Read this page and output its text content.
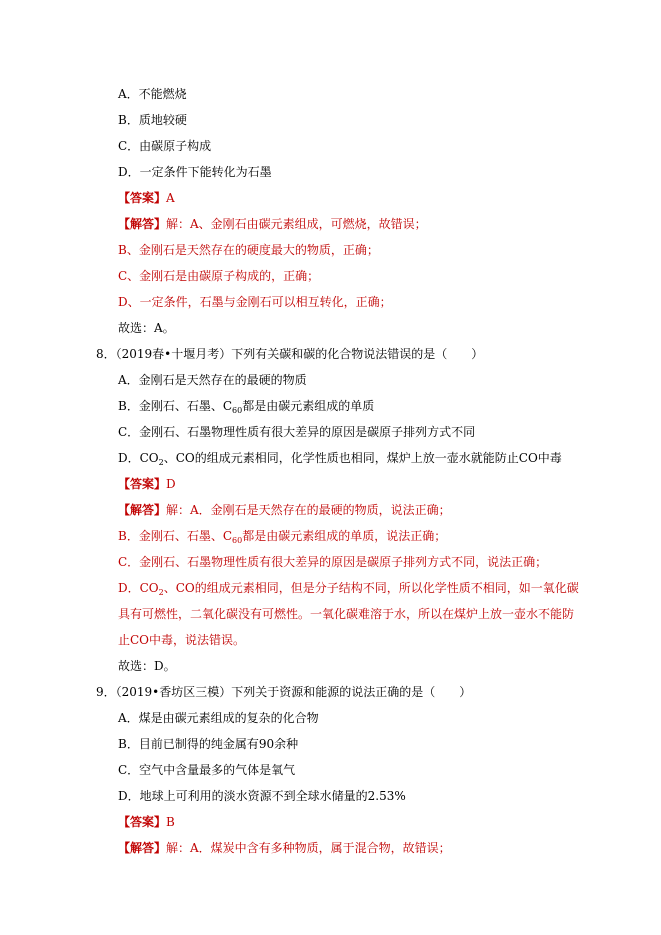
A．不能燃烧
B．质地较硬
C．由碳原子构成
D．一定条件下能转化为石墨
【答案】A
【解答】解：A、金刚石由碳元素组成，可燃烧，故错误；
B、金刚石是天然存在的硬度最大的物质，正确；
C、金刚石是由碳原子构成的，正确；
D、一定条件，石墨与金刚石可以相互转化，正确；
故选：A。
8．（2019春•十堰月考）下列有关碳和碳的化合物说法错误的是（　　）
A．金刚石是天然存在的最硬的物质
B．金刚石、石墨、$C_{60}$都是由碳元素组成的单质
C．金刚石、石墨物理性质有很大差异的原因是碳原子排列方式不同
D．$CO_2$、CO的组成元素相同，化学性质也相同，煤炉上放一壶水就能防止CO中毒
【答案】D
【解答】解：A．金刚石是天然存在的最硬的物质，说法正确；
B．金刚石、石墨、$C_{60}$都是由碳元素组成的单质，说法正确；
C．金刚石、石墨物理性质有很大差异的原因是碳原子排列方式不同，说法正确；
D．$CO_2$、CO的组成元素相同，但是分子结构不同，所以化学性质不相同，如一氧化碳
具有可燃性，二氧化碳没有可燃性。一氧化碳难溶于水，所以在煤炉上放一壶水不能防
止CO中毒，说法错误。
故选：D。
9．（2019•香坊区三模）下列关于资源和能源的说法正确的是（　　）
A．煤是由碳元素组成的复杂的化合物
B．目前已制得的纯金属有90余种
C．空气中含量最多的气体是氧气
D．地球上可利用的淡水资源不到全球水储量的2.53%
【答案】B
【解答】解：A．煤炭中含有多种物质，属于混合物，故错误；
